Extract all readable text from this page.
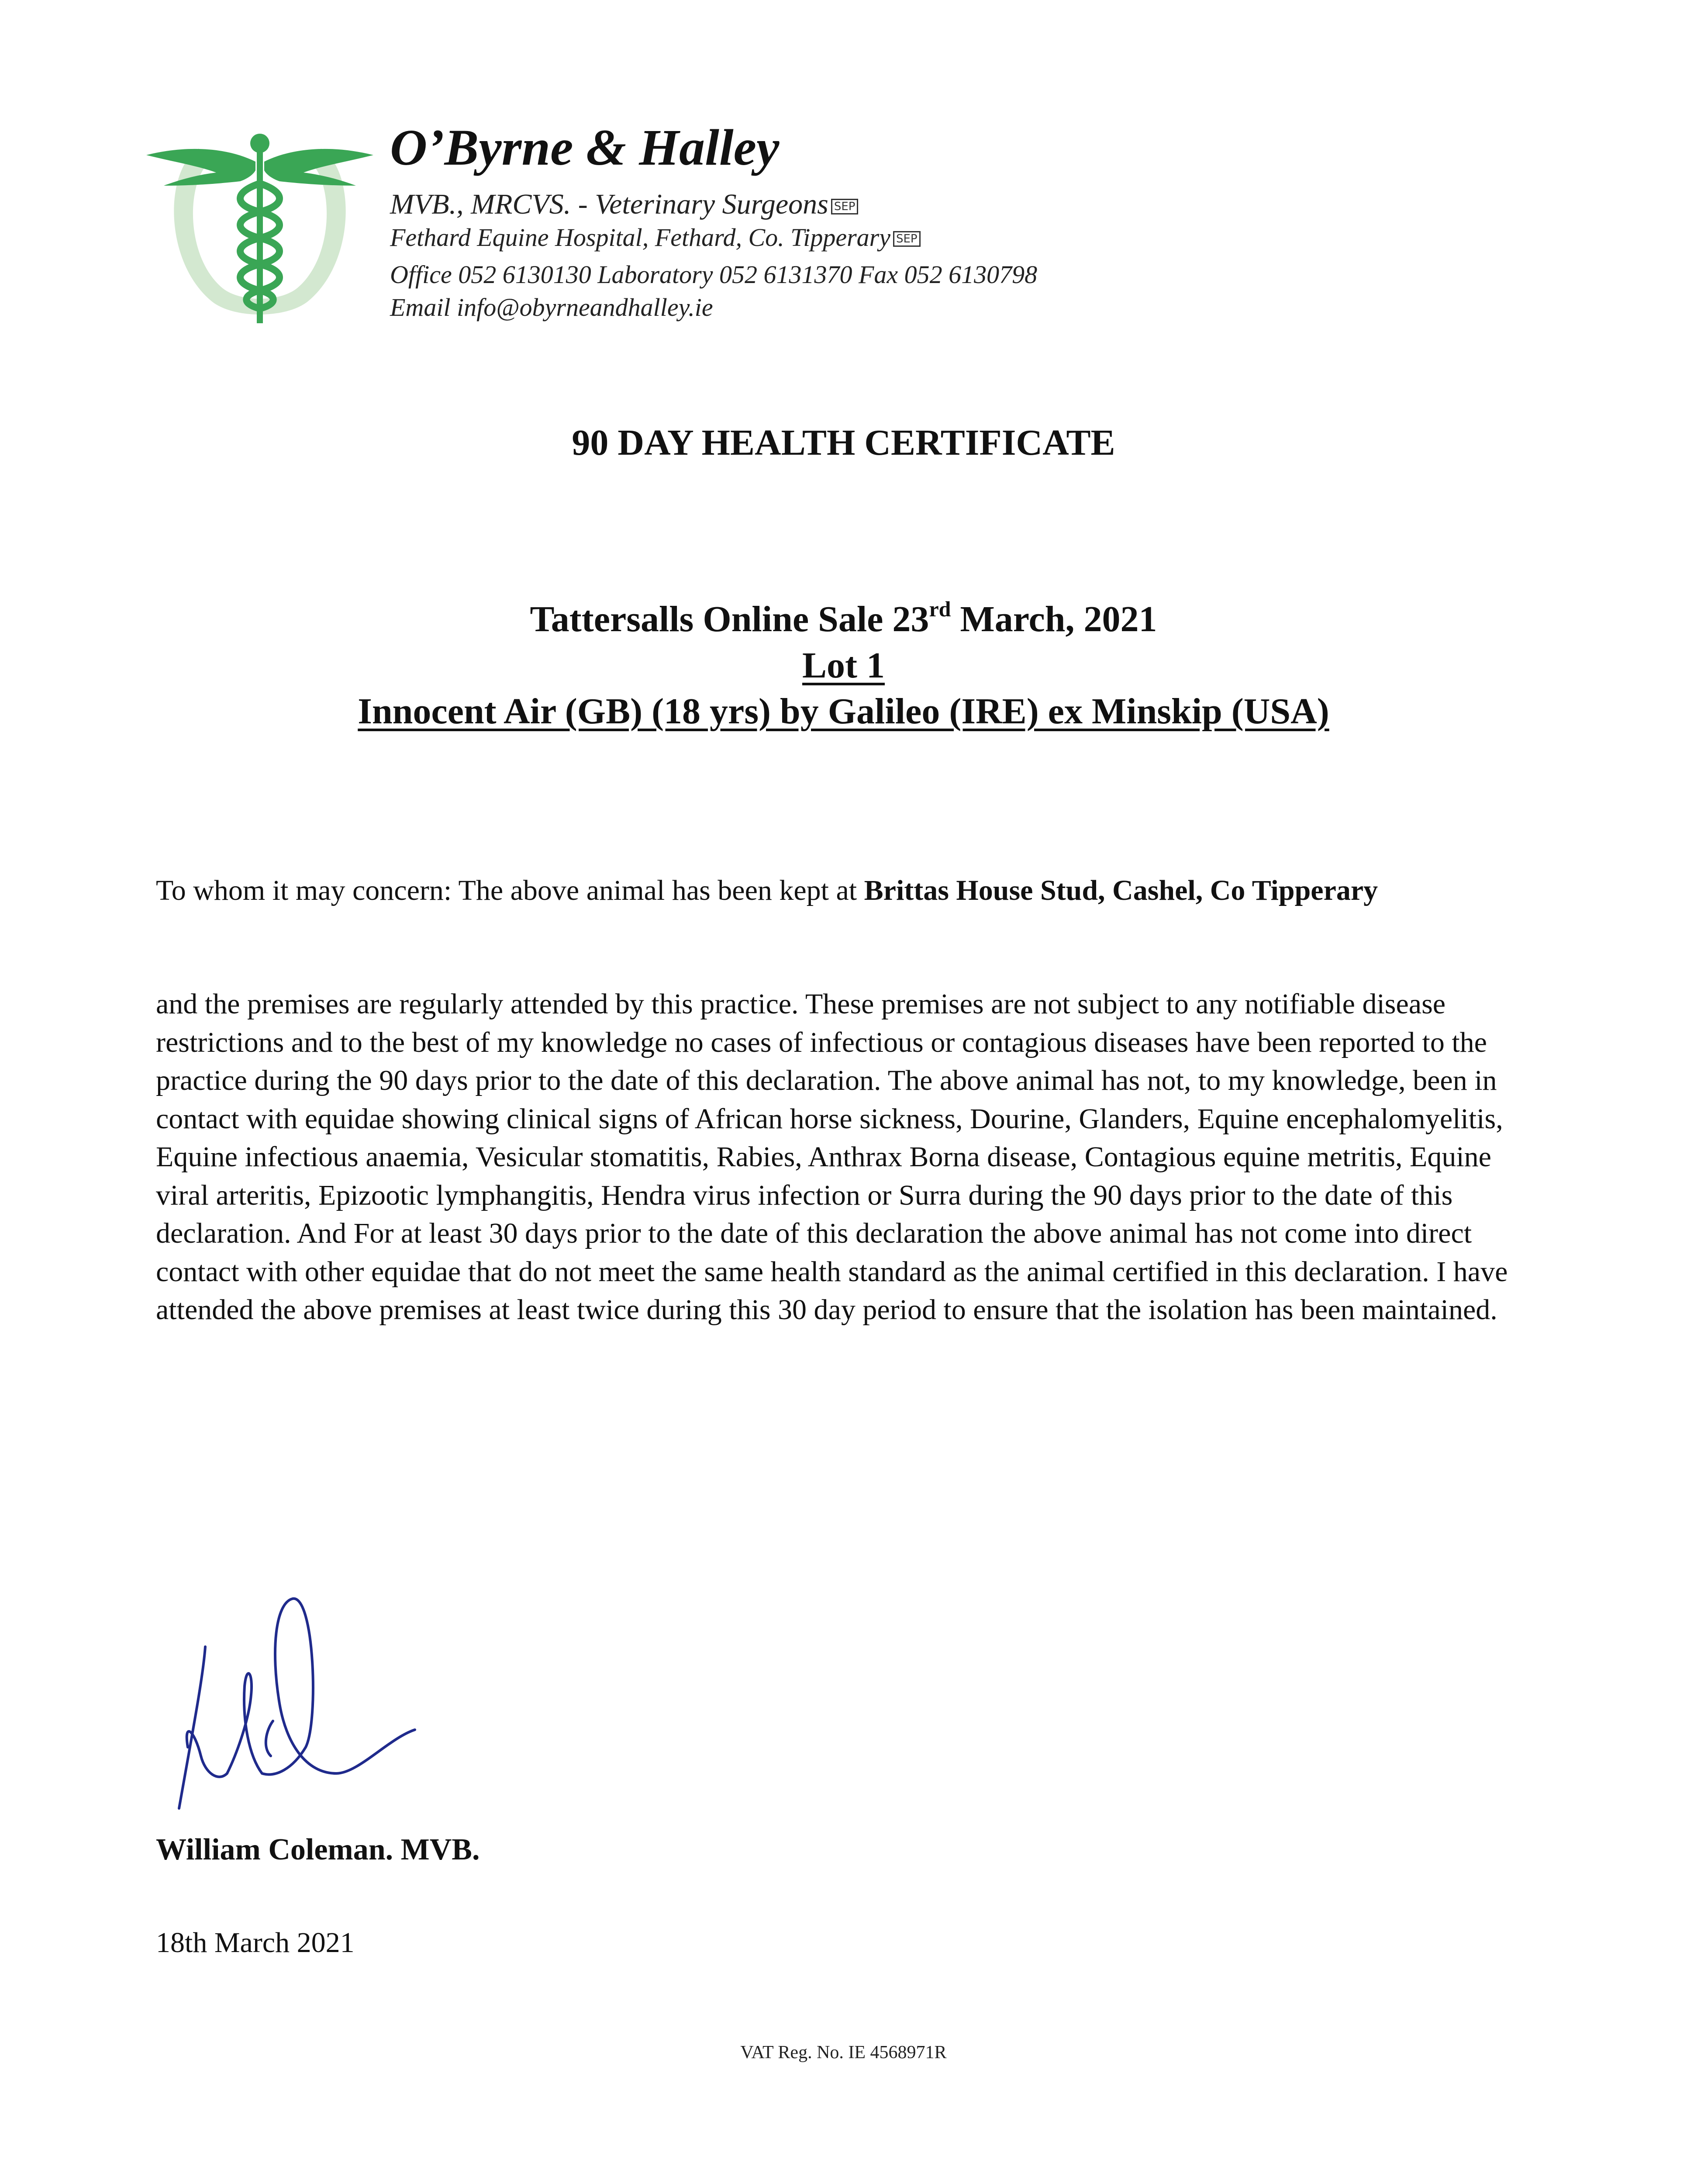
O’Byrne & Halley
MVB., MRCVS. - Veterinary Surgeons SEP
Fethard Equine Hospital, Fethard, Co. Tipperary SEP
Office 052 6130130 Laboratory 052 6131370 Fax 052 6130798
Email info@obyrneandhalley.ie
90 DAY HEALTH CERTIFICATE
Tattersalls Online Sale 23rd March, 2021
Lot 1
Innocent Air (GB) (18 yrs) by Galileo (IRE) ex Minskip (USA)
To whom it may concern: The above animal has been kept at Brittas House Stud, Cashel, Co Tipperary
and the premises are regularly attended by this practice. These premises are not subject to any notifiable disease restrictions and to the best of my knowledge no cases of infectious or contagious diseases have been reported to the practice during the 90 days prior to the date of this declaration. The above animal has not, to my knowledge, been in contact with equidae showing clinical signs of African horse sickness, Dourine, Glanders, Equine encephalomyelitis, Equine infectious anaemia, Vesicular stomatitis, Rabies, Anthrax Borna disease, Contagious equine metritis, Equine viral arteritis, Epizootic lymphangitis, Hendra virus infection or Surra during the 90 days prior to the date of this declaration. And For at least 30 days prior to the date of this declaration the above animal has not come into direct contact with other equidae that do not meet the same health standard as the animal certified in this declaration. I have attended the above premises at least twice during this 30 day period to ensure that the isolation has been maintained.
William Coleman. MVB.
18th March 2021
VAT Reg. No. IE 4568971R
